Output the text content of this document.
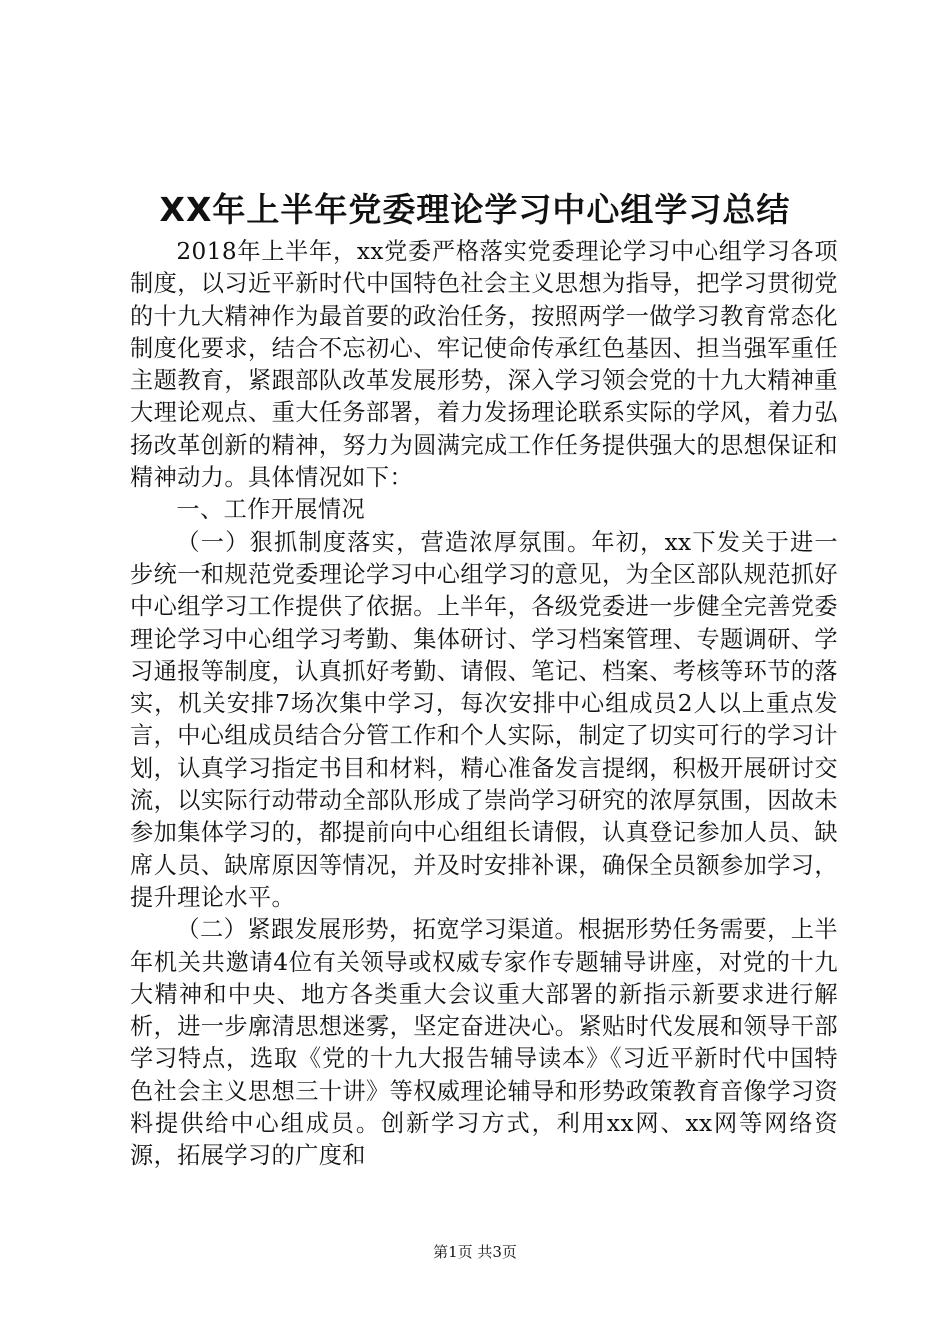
XX年上半年党委理论学习中心组学习总结

2018年上半年，xx党委严格落实党委理论学习中心组学习各项制度，以习近平新时代中国特色社会主义思想为指导，把学习贯彻党的十九大精神作为最首要的政治任务，按照两学一做学习教育常态化制度化要求，结合不忘初心、牢记使命传承红色基因、担当强军重任主题教育，紧跟部队改革发展形势，深入学习领会党的十九大精神重大理论观点、重大任务部署，着力发扬理论联系实际的学风，着力弘扬改革创新的精神，努力为圆满完成工作任务提供强大的思想保证和精神动力。具体情况如下：

一、工作开展情况

（一）狠抓制度落实，营造浓厚氛围。年初，xx下发关于进一步统一和规范党委理论学习中心组学习的意见，为全区部队规范抓好中心组学习工作提供了依据。上半年，各级党委进一步健全完善党委理论学习中心组学习考勤、集体研讨、学习档案管理、专题调研、学习通报等制度，认真抓好考勤、请假、笔记、档案、考核等环节的落实，机关安排7场次集中学习，每次安排中心组成员2人以上重点发言，中心组成员结合分管工作和个人实际，制定了切实可行的学习计划，认真学习指定书目和材料，精心准备发言提纲，积极开展研讨交流，以实际行动带动全部队形成了崇尚学习研究的浓厚氛围，因故未参加集体学习的，都提前向中心组组长请假，认真登记参加人员、缺席人员、缺席原因等情况，并及时安排补课，确保全员额参加学习，提升理论水平。

（二）紧跟发展形势，拓宽学习渠道。根据形势任务需要，上半年机关共邀请4位有关领导或权威专家作专题辅导讲座，对党的十九大精神和中央、地方各类重大会议重大部署的新指示新要求进行解析，进一步廓清思想迷雾，坚定奋进决心。紧贴时代发展和领导干部学习特点，选取《党的十九大报告辅导读本》《习近平新时代中国特色社会主义思想三十讲》等权威理论辅导和形势政策教育音像学习资料提供给中心组成员。创新学习方式，利用xx网、xx网等网络资源，拓展学习的广度和

第1页 共3页
